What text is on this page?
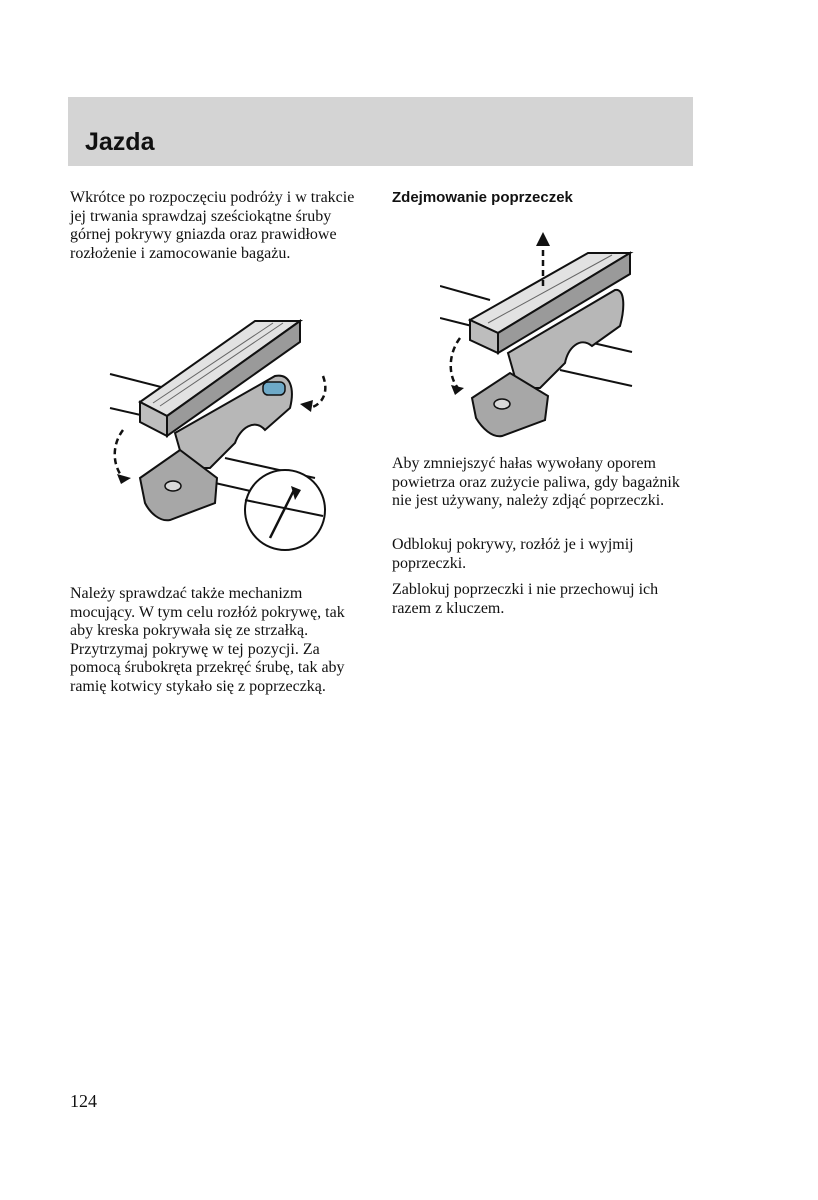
Jazda

Wkrótce po rozpoczęciu podróży i w trakcie jej trwania sprawdzaj sześciokątne śruby górnej pokrywy gniazda oraz prawidłowe rozłożenie i zamocowanie bagażu.

Należy sprawdzać także mechanizm mocujący. W tym celu rozłóż pokrywę, tak aby kreska pokrywała się ze strzałką. Przytrzymaj pokrywę w tej pozycji. Za pomocą śrubokręta przekręć śrubę, tak aby ramię kotwicy stykało się z poprzeczką.

Zdejmowanie poprzeczek

Aby zmniejszyć hałas wywołany oporem powietrza oraz zużycie paliwa, gdy bagażnik nie jest używany, należy zdjąć poprzeczki.

Odblokuj pokrywy, rozłóż je i wyjmij poprzeczki.

Zablokuj poprzeczki i nie przechowuj ich razem z kluczem.

124
